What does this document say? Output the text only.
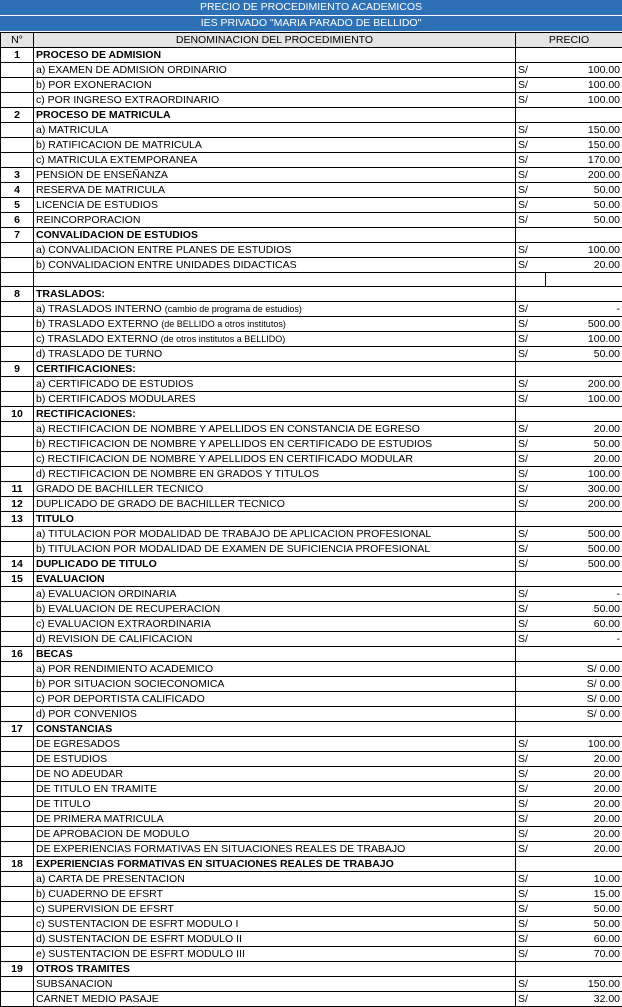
PRECIO DE PROCEDIMIENTO ACADEMICOS
IES PRIVADO "MARIA PARADO DE BELLIDO"
N°	DENOMINACION DEL PROCEDIMIENTO	PRECIO	
1	PROCESO DE ADMISION		
	a) EXAMEN DE ADMISION ORDINARIO	S/	100.00
	b) POR EXONERACION	S/	100.00
	c) POR INGRESO EXTRAORDINARIO	S/	100.00
2	PROCESO DE MATRICULA		
	a) MATRICULA	S/	150.00
	b) RATIFICACION DE MATRICULA	S/	150.00
	c) MATRICULA EXTEMPORANEA	S/	170.00
3	PENSION DE ENSEÑANZA	S/	200.00
4	RESERVA DE MATRICULA	S/	50.00
5	LICENCIA DE ESTUDIOS	S/	50.00
6	REINCORPORACION	S/	50.00
7	CONVALIDACION DE ESTUDIOS		
	a) CONVALIDACION ENTRE PLANES DE ESTUDIOS	S/	100.00
	b) CONVALIDACION ENTRE UNIDADES DIDACTICAS	S/	20.00

8	TRASLADOS:		
	a) TRASLADOS INTERNO (cambio de programa de estudios)	S/	-
	b) TRASLADO EXTERNO (de BELLIDO a otros institutos)	S/	500.00
	c) TRASLADO EXTERNO (de otros institutos a BELLIDO)	S/	100.00
	d) TRASLADO DE TURNO	S/	50.00
9	CERTIFICACIONES:		
	a) CERTIFICADO DE ESTUDIOS	S/	200.00
	b) CERTIFICADOS MODULARES	S/	100.00
10	RECTIFICACIONES:		
	a) RECTIFICACION DE NOMBRE Y APELLIDOS EN CONSTANCIA DE EGRESO	S/	20.00
	b) RECTIFICACION DE NOMBRE Y APELLIDOS EN CERTIFICADO DE ESTUDIOS	S/	50.00
	c) RECTIFICACION DE NOMBRE Y APELLIDOS EN CERTIFICADO MODULAR	S/	20.00
	d) RECTIFICACION DE NOMBRE EN GRADOS Y TITULOS	S/	100.00
11	GRADO DE BACHILLER TECNICO	S/	300.00
12	DUPLICADO DE GRADO DE BACHILLER TECNICO	S/	200.00
13	TITULO		
	a) TITULACION POR MODALIDAD DE TRABAJO DE APLICACION PROFESIONAL	S/	500.00
	b) TITULACION POR MODALIDAD DE EXAMEN DE SUFICIENCIA PROFESIONAL	S/	500.00
14	DUPLICADO DE TITULO	S/	500.00
15	EVALUACION		
	a) EVALUACION ORDINARIA	S/	-
	b) EVALUACION DE RECUPERACION	S/	50.00
	c) EVALUACION EXTRAORDINARIA	S/	60.00
	d) REVISION DE CALIFICACION	S/	-
16	BECAS		
	a) POR RENDIMIENTO ACADEMICO	S/ 0.00	
	b) POR SITUACION SOCIECONOMICA	S/ 0.00	
	c) POR DEPORTISTA CALIFICADO	S/ 0.00	
	d) POR CONVENIOS	S/ 0.00	
17	CONSTANCIAS		
	DE EGRESADOS	S/	100.00
	DE ESTUDIOS	S/	20.00
	DE NO ADEUDAR	S/	20.00
	DE TITULO EN TRAMITE	S/	20.00
	DE TITULO	S/	20.00
	DE PRIMERA MATRICULA	S/	20.00
	DE APROBACION DE MODULO	S/	20.00
	DE EXPERIENCIAS FORMATIVAS EN SITUACIONES REALES DE TRABAJO	S/	20.00
18	EXPERIENCIAS FORMATIVAS EN SITUACIONES REALES DE TRABAJO		
	a) CARTA DE PRESENTACION	S/	10.00
	b) CUADERNO DE EFSRT	S/	15.00
	c) SUPERVISION DE EFSRT	S/	50.00
	c) SUSTENTACION DE ESFRT MODULO I	S/	50.00
	d) SUSTENTACION DE ESFRT MODULO II	S/	60.00
	e) SUSTENTACION DE ESFRT MODULO III	S/	70.00
19	OTROS TRAMITES		
	SUBSANACION	S/	150.00
	CARNET MEDIO PASAJE	S/	32.00
